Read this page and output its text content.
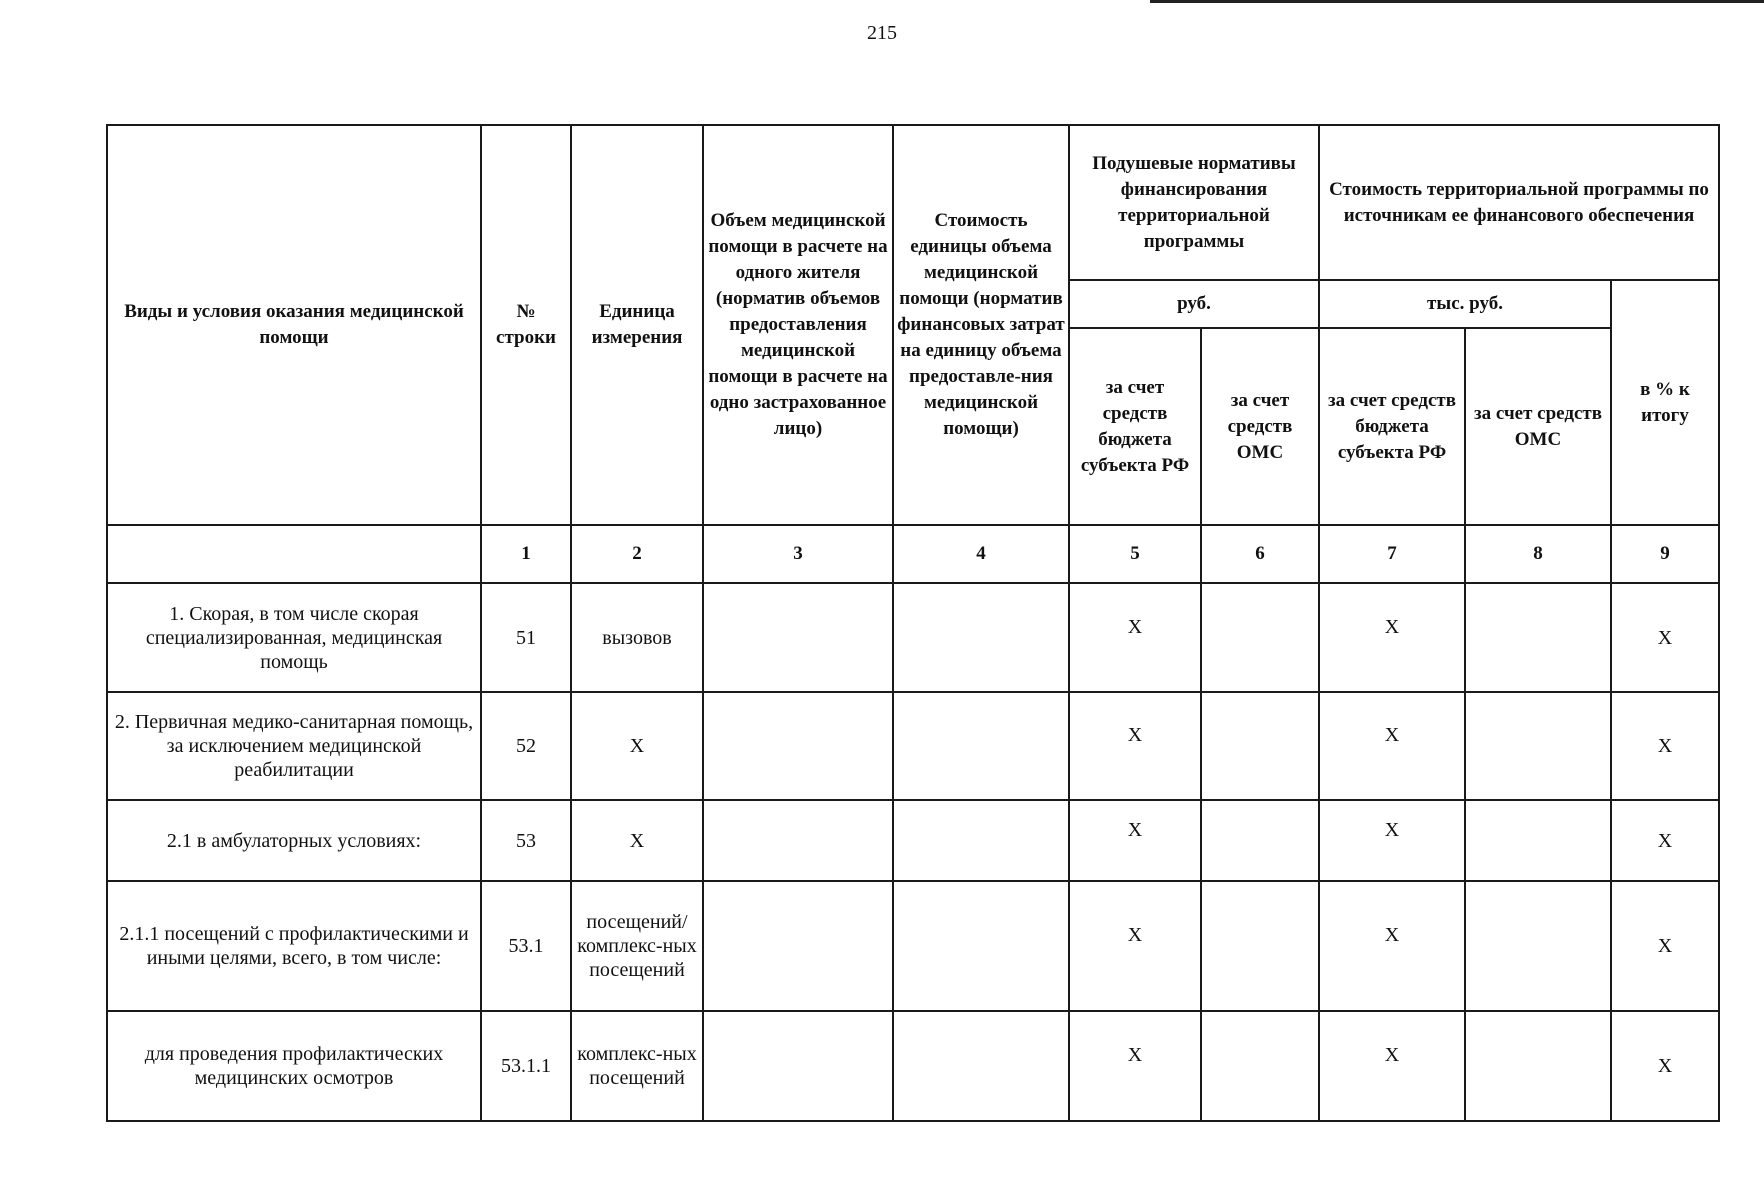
215
Виды и условия оказания медицинской помощи	№ строки	Единица измерения	Объем медицинской помощи в расчете на одного жителя (норматив объемов предоставления медицинской помощи в расчете на одно застрахованное лицо)	Стоимость единицы объема медицинской помощи (норматив финансовых затрат на единицу объема предоставле-ния медицинской помощи)	Подушевые нормативы финансирования территориальной программы		Стоимость территориальной программы по источникам ее финансового обеспечения		
					руб.		тыс. руб.		в % к итогу
					за счет средств бюджета субъекта РФ	за счет средств ОМС	за счет средств бюджета субъекта РФ	за счет средств ОМС	
	1	2	3	4	5	6	7	8	9
1. Скорая, в том числе скорая специализированная, медицинская помощь	51	вызовов			Х		Х		Х
2. Первичная медико-санитарная помощь, за исключением медицинской реабилитации	52	Х			Х		Х		Х
2.1 в амбулаторных условиях:	53	Х			Х		Х		Х
2.1.1 посещений с профилактическими и иными целями, всего, в том числе:	53.1	посещений/ комплекс-ных посещений			Х		Х		Х
для проведения профилактических медицинских осмотров	53.1.1	комплекс-ных посещений			Х		Х		Х
